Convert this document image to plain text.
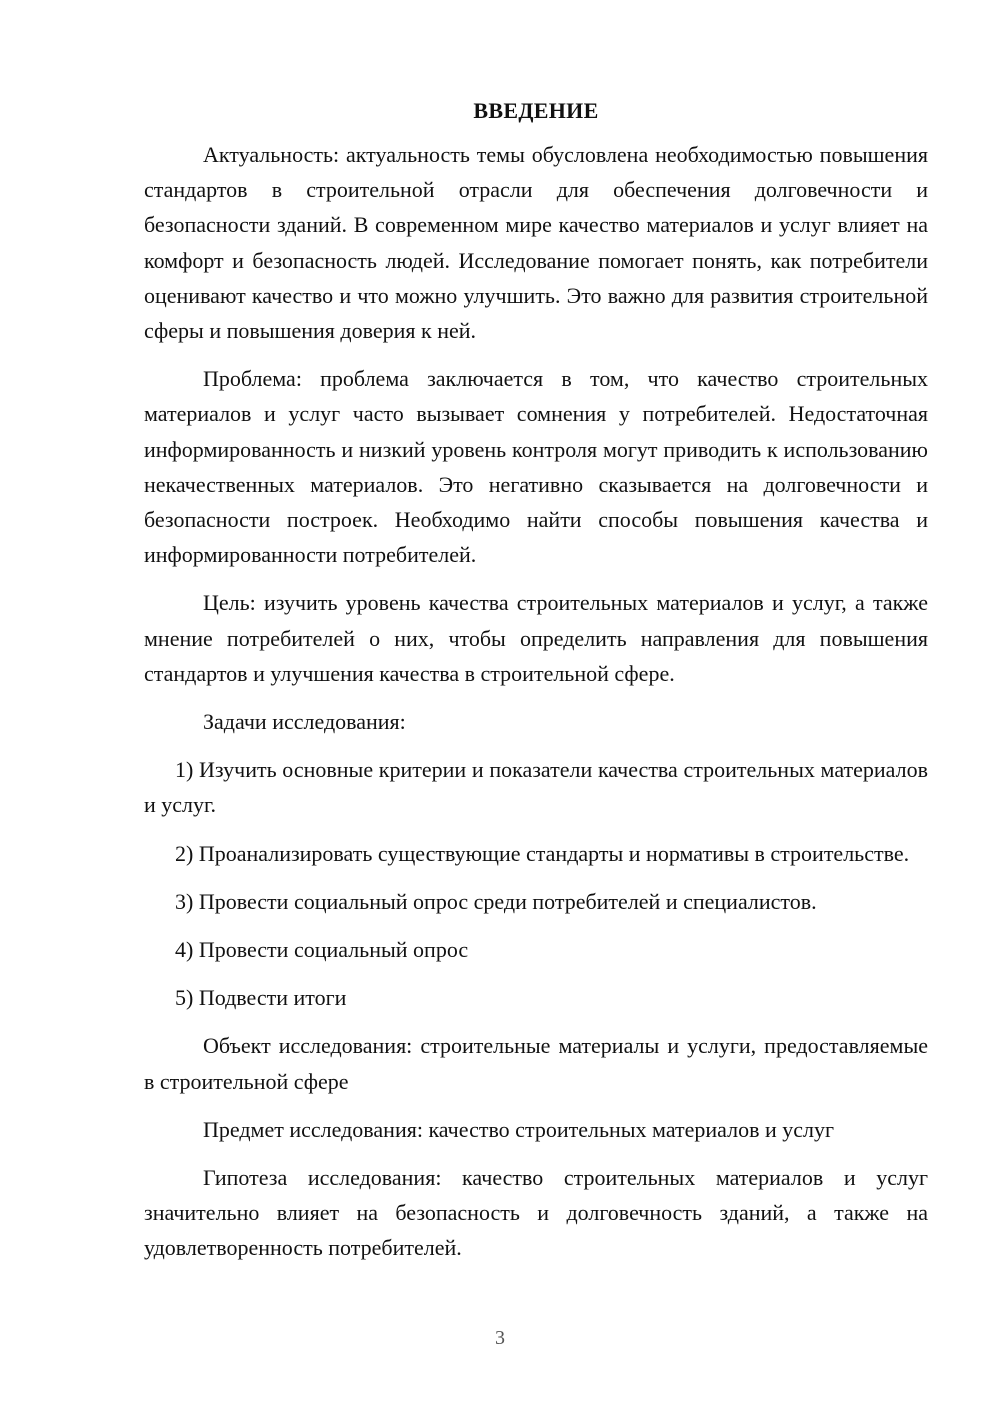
ВВЕДЕНИЕ

Актуальность: актуальность темы обусловлена необходимостью повышения стандартов в строительной отрасли для обеспечения долговечности и безопасности зданий. В современном мире качество материалов и услуг влияет на комфорт и безопасность людей. Исследование помогает понять, как потребители оценивают качество и что можно улучшить. Это важно для развития строительной сферы и повышения доверия к ней.

Проблема: проблема заключается в том, что качество строительных материалов и услуг часто вызывает сомнения у потребителей. Недостаточная информированность и низкий уровень контроля могут приводить к использованию некачественных материалов. Это негативно сказывается на долговечности и безопасности построек. Необходимо найти способы повышения качества и информированности потребителей.

Цель: изучить уровень качества строительных материалов и услуг, а также мнение потребителей о них, чтобы определить направления для повышения стандартов и улучшения качества в строительной сфере.

Задачи исследования:

1) Изучить основные критерии и показатели качества строительных материалов и услуг.

2) Проанализировать существующие стандарты и нормативы в строительстве.

3) Провести социальный опрос среди потребителей и специалистов.

4) Провести социальный опрос

5) Подвести итоги

Объект исследования: строительные материалы и услуги, предоставляемые в строительной сфере

Предмет исследования: качество строительных материалов и услуг

Гипотеза исследования: качество строительных материалов и услуг значительно влияет на безопасность и долговечность зданий, а также на удовлетворенность потребителей.

3
